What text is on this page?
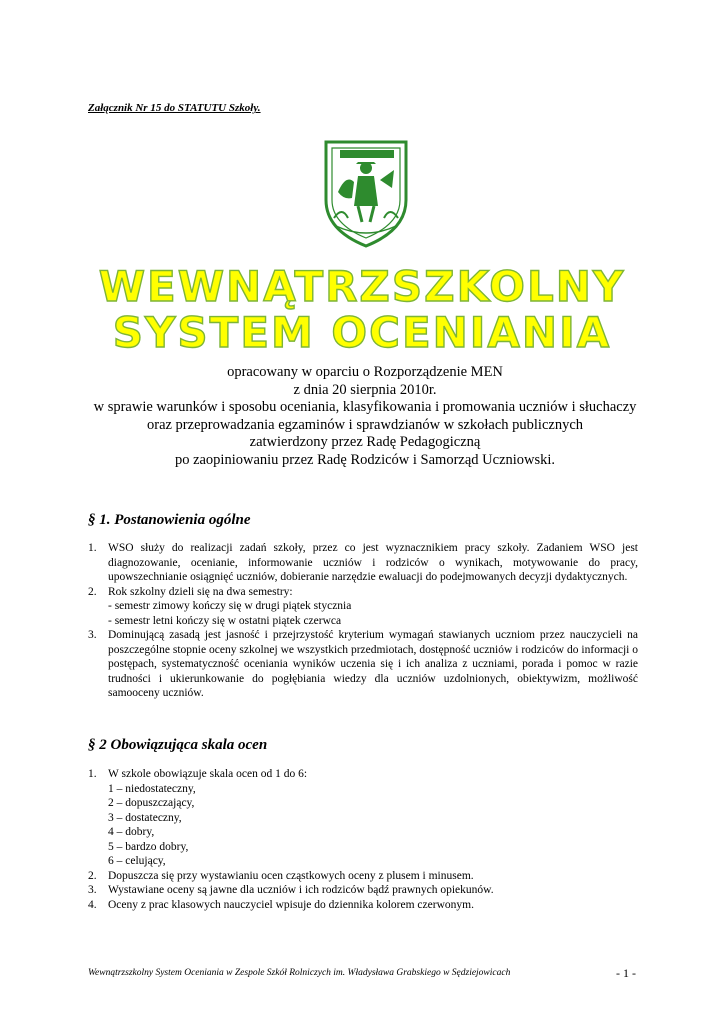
Załącznik Nr 15 do STATUTU Szkoły.
WEWNĄTRZSZKOLNY
SYSTEM OCENIANIA
opracowany w oparciu o Rozporządzenie MEN
z dnia 20 sierpnia 2010r.
w sprawie warunków i sposobu oceniania, klasyfikowania i promowania uczniów i słuchaczy
oraz przeprowadzania egzaminów i sprawdzianów w szkołach publicznych
zatwierdzony przez Radę Pedagogiczną
po zaopiniowaniu przez Radę Rodziców i Samorząd Uczniowski.
§ 1. Postanowienia ogólne
1. WSO służy do realizacji zadań szkoły, przez co jest wyznacznikiem pracy szkoły. Zadaniem WSO jest diagnozowanie, ocenianie, informowanie uczniów i rodziców o wynikach, motywowanie do pracy, upowszechnianie osiągnięć uczniów, dobieranie narzędzie ewaluacji do podejmowanych decyzji dydaktycznych.
2. Rok szkolny dzieli się na dwa semestry:
- semestr zimowy kończy się w drugi piątek stycznia
- semestr letni kończy się w ostatni piątek czerwca
3. Dominującą zasadą jest jasność i przejrzystość kryterium wymagań stawianych uczniom przez nauczycieli na poszczególne stopnie oceny szkolnej we wszystkich przedmiotach, dostępność uczniów i rodziców do informacji o postępach, systematyczność oceniania wyników uczenia się i ich analiza z uczniami, porada i pomoc w razie trudności i ukierunkowanie do pogłębiania wiedzy dla uczniów uzdolnionych, obiektywizm, możliwość samooceny uczniów.
§ 2 Obowiązująca skala ocen
1. W szkole obowiązuje skala ocen od 1 do 6:
1 – niedostateczny,
2 – dopuszczający,
3 – dostateczny,
4 – dobry,
5 – bardzo dobry,
6 – celujący,
2. Dopuszcza się przy wystawianiu ocen cząstkowych oceny z plusem i minusem.
3. Wystawiane oceny są jawne dla uczniów i ich rodziców bądź prawnych opiekunów.
4. Oceny z prac klasowych nauczyciel wpisuje do dziennika kolorem czerwonym.
Wewnątrzszkolny System Oceniania w Zespole Szkół Rolniczych im. Władysława Grabskiego w Sędziejowicach	- 1 -
